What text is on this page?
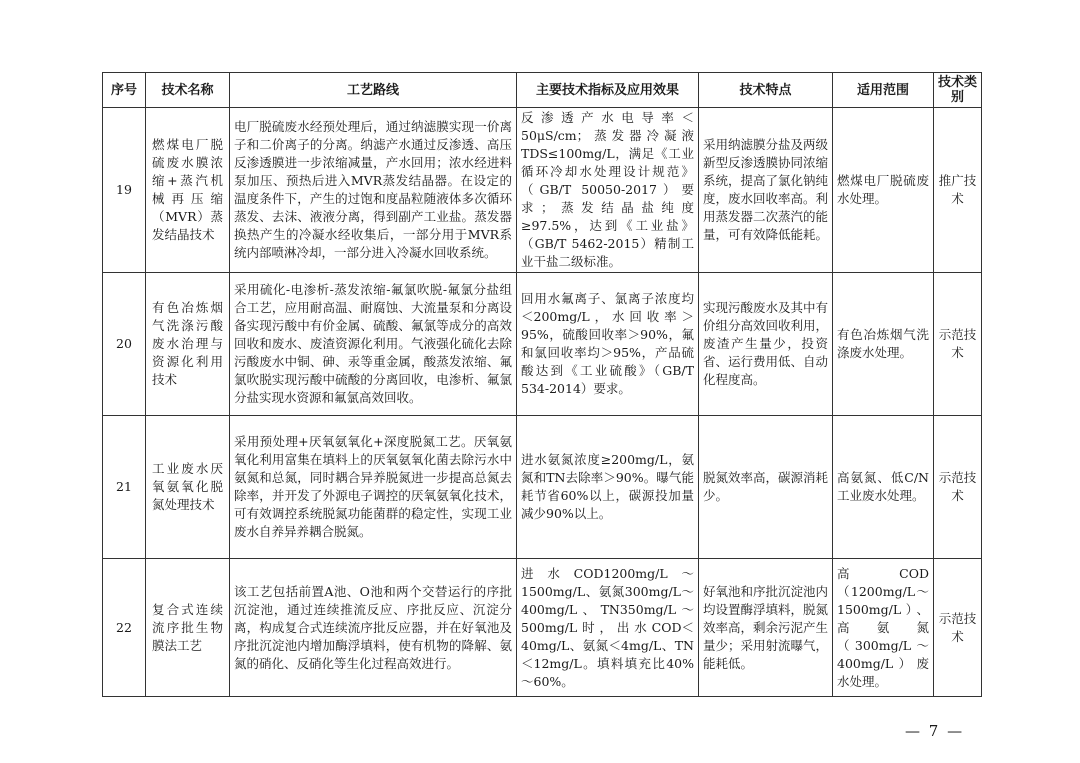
序号	技术名称	工艺路线	主要技术指标及应用效果	技术特点	适用范围	技术类别
19	燃煤电厂脱硫废水膜浓缩+蒸汽机械再压缩（MVR）蒸发结晶技术	电厂脱硫废水经预处理后，通过纳滤膜实现一价离子和二价离子的分离。纳滤产水通过反渗透、高压反渗透膜进一步浓缩减量，产水回用；浓水经进料泵加压、预热后进入MVR蒸发结晶器。在设定的温度条件下，产生的过饱和度晶粒随液体多次循环蒸发、去沫、液液分离，得到副产工业盐。蒸发器换热产生的冷凝水经收集后，一部分用于MVR系统内部喷淋冷却，一部分进入冷凝水回收系统。	反渗透产水电导率＜50μS/cm；蒸发器冷凝液TDS≤100mg/L，满足《工业循环冷却水处理设计规范》（GB/T 50050-2017）要求；蒸发结晶盐纯度≥97.5%，达到《工业盐》（GB/T 5462-2015）精制工业干盐二级标准。	采用纳滤膜分盐及两级新型反渗透膜协同浓缩系统，提高了氯化钠纯度，废水回收率高。利用蒸发器二次蒸汽的能量，可有效降低能耗。	燃煤电厂脱硫废水处理。	推广技术
20	有色冶炼烟气洗涤污酸废水治理与资源化利用技术	采用硫化-电渗析-蒸发浓缩-氟氯吹脱-氟氯分盐组合工艺，应用耐高温、耐腐蚀、大流量泵和分离设备实现污酸中有价金属、硫酸、氟氯等成分的高效回收和废水、废渣资源化利用。气液强化硫化去除污酸废水中铜、砷、汞等重金属，酸蒸发浓缩、氟氯吹脱实现污酸中硫酸的分离回收，电渗析、氟氯分盐实现水资源和氟氯高效回收。	回用水氟离子、氯离子浓度均＜200mg/L，水回收率＞95%，硫酸回收率＞90%，氟和氯回收率均＞95%，产品硫酸达到《工业硫酸》（GB/T 534-2014）要求。	实现污酸废水及其中有价组分高效回收利用，废渣产生量少，投资省、运行费用低、自动化程度高。	有色冶炼烟气洗涤废水处理。	示范技术
21	工业废水厌氧氨氧化脱氮处理技术	采用预处理+厌氧氨氧化+深度脱氮工艺。厌氧氨氧化利用富集在填料上的厌氧氨氧化菌去除污水中氨氮和总氮，同时耦合异养脱氮进一步提高总氮去除率，并开发了外源电子调控的厌氧氨氧化技术，可有效调控系统脱氮功能菌群的稳定性，实现工业废水自养异养耦合脱氮。	进水氨氮浓度≥200mg/L，氨氮和TN去除率＞90%。曝气能耗节省60%以上，碳源投加量减少90%以上。	脱氮效率高，碳源消耗少。	高氨氮、低C/N工业废水处理。	示范技术
22	复合式连续流序批生物膜法工艺	该工艺包括前置A池、O池和两个交替运行的序批沉淀池，通过连续推流反应、序批反应、沉淀分离，构成复合式连续流序批反应器，并在好氧池及序批沉淀池内增加酶浮填料，使有机物的降解、氨氮的硝化、反硝化等生化过程高效进行。	进水COD1200mg/L～1500mg/L、氨氮300mg/L～400mg/L、TN350mg/L～500mg/L时，出水COD＜40mg/L、氨氮＜4mg/L、TN＜12mg/L。填料填充比40%～60%。	好氧池和序批沉淀池内均设置酶浮填料，脱氮效率高，剩余污泥产生量少；采用射流曝气，能耗低。	高COD（1200mg/L～1500mg/L）、高氨氮（300mg/L～400mg/L）废水处理。	示范技术
— 7 —
